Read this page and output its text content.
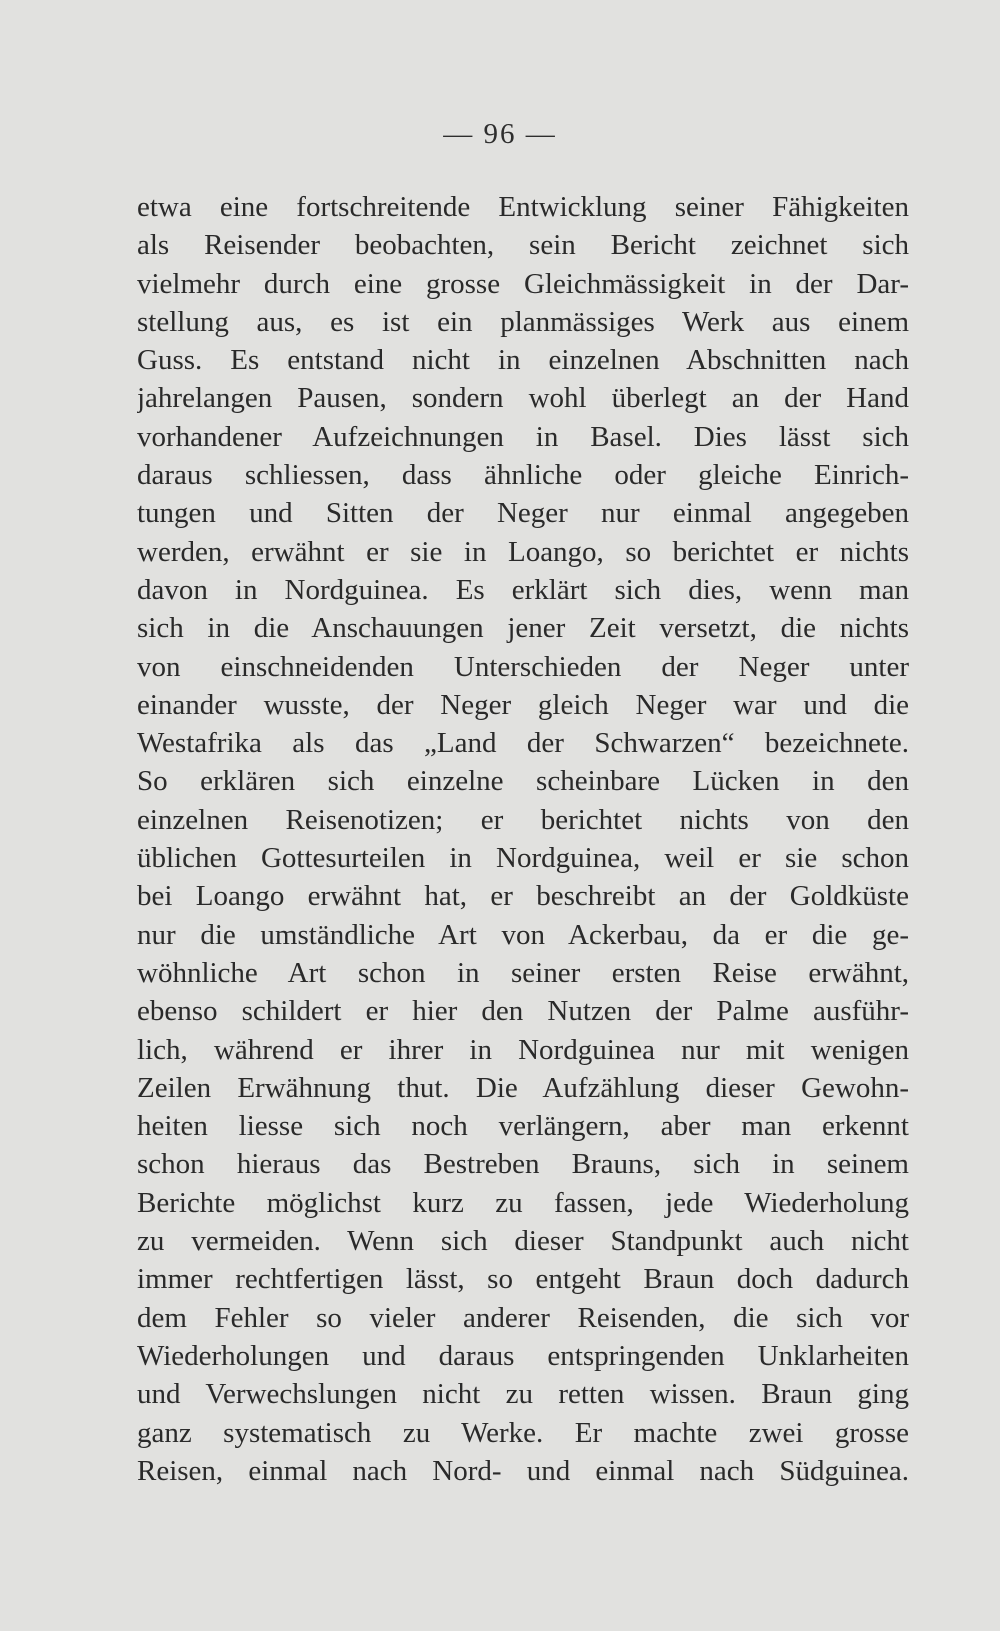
— 96 —
etwa eine fortschreitende Entwicklung seiner Fähigkeiten
als Reisender beobachten, sein Bericht zeichnet sich
vielmehr durch eine grosse Gleichmässigkeit in der Dar-
stellung aus, es ist ein planmässiges Werk aus einem
Guss. Es entstand nicht in einzelnen Abschnitten nach
jahrelangen Pausen, sondern wohl überlegt an der Hand
vorhandener Aufzeichnungen in Basel. Dies lässt sich
daraus schliessen, dass ähnliche oder gleiche Einrich-
tungen und Sitten der Neger nur einmal angegeben
werden, erwähnt er sie in Loango, so berichtet er nichts
davon in Nordguinea. Es erklärt sich dies, wenn man
sich in die Anschauungen jener Zeit versetzt, die nichts
von einschneidenden Unterschieden der Neger unter
einander wusste, der Neger gleich Neger war und die
Westafrika als das „Land der Schwarzen“ bezeichnete.
So erklären sich einzelne scheinbare Lücken in den
einzelnen Reisenotizen; er berichtet nichts von den
üblichen Gottesurteilen in Nordguinea, weil er sie schon
bei Loango erwähnt hat, er beschreibt an der Goldküste
nur die umständliche Art von Ackerbau, da er die ge-
wöhnliche Art schon in seiner ersten Reise erwähnt,
ebenso schildert er hier den Nutzen der Palme ausführ-
lich, während er ihrer in Nordguinea nur mit wenigen
Zeilen Erwähnung thut. Die Aufzählung dieser Gewohn-
heiten liesse sich noch verlängern, aber man erkennt
schon hieraus das Bestreben Brauns, sich in seinem
Berichte möglichst kurz zu fassen, jede Wiederholung
zu vermeiden. Wenn sich dieser Standpunkt auch nicht
immer rechtfertigen lässt, so entgeht Braun doch dadurch
dem Fehler so vieler anderer Reisenden, die sich vor
Wiederholungen und daraus entspringenden Unklarheiten
und Verwechslungen nicht zu retten wissen. Braun ging
ganz systematisch zu Werke. Er machte zwei grosse
Reisen, einmal nach Nord- und einmal nach Südguinea.
